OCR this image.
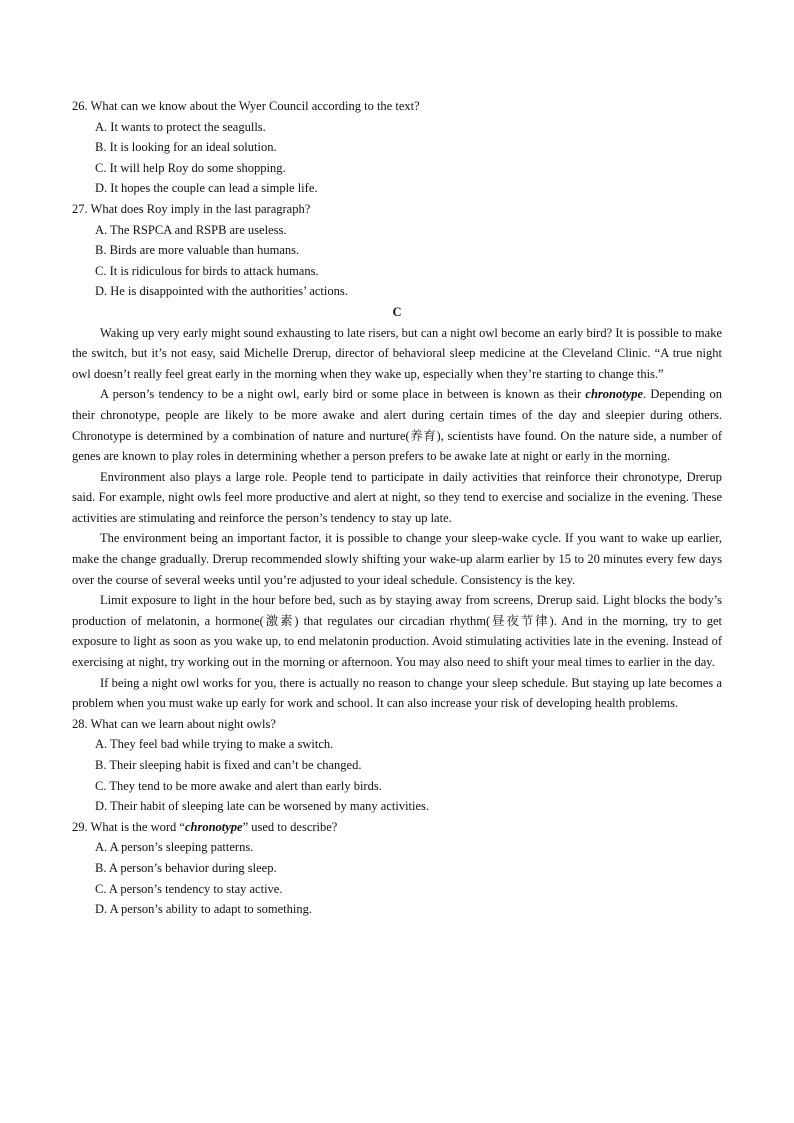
26. What can we know about the Wyer Council according to the text?

A. It wants to protect the seagulls.

B. It is looking for an ideal solution.

C. It will help Roy do some shopping.

D. It hopes the couple can lead a simple life.

27. What does Roy imply in the last paragraph?

A. The RSPCA and RSPB are useless.

B. Birds are more valuable than humans.

C. It is ridiculous for birds to attack humans.

D. He is disappointed with the authorities’ actions.

C

Waking up very early might sound exhausting to late risers, but can a night owl become an early bird? It is possible to make the switch, but it’s not easy, said Michelle Drerup, director of behavioral sleep medicine at the Cleveland Clinic. “A true night owl doesn’t really feel great early in the morning when they wake up, especially when they’re starting to change this.”

A person’s tendency to be a night owl, early bird or some place in between is known as their chronotype. Depending on their chronotype, people are likely to be more awake and alert during certain times of the day and sleepier during others. Chronotype is determined by a combination of nature and nurture(养育), scientists have found. On the nature side, a number of genes are known to play roles in determining whether a person prefers to be awake late at night or early in the morning.

Environment also plays a large role. People tend to participate in daily activities that reinforce their chronotype, Drerup said. For example, night owls feel more productive and alert at night, so they tend to exercise and socialize in the evening. These activities are stimulating and reinforce the person’s tendency to stay up late.

The environment being an important factor, it is possible to change your sleep-wake cycle. If you want to wake up earlier, make the change gradually. Drerup recommended slowly shifting your wake-up alarm earlier by 15 to 20 minutes every few days over the course of several weeks until you’re adjusted to your ideal schedule. Consistency is the key.

Limit exposure to light in the hour before bed, such as by staying away from screens, Drerup said. Light blocks the body’s production of melatonin, a hormone(激素) that regulates our circadian rhythm(昼夜节律). And in the morning, try to get exposure to light as soon as you wake up, to end melatonin production. Avoid stimulating activities late in the evening. Instead of exercising at night, try working out in the morning or afternoon. You may also need to shift your meal times to earlier in the day.

If being a night owl works for you, there is actually no reason to change your sleep schedule. But staying up late becomes a problem when you must wake up early for work and school. It can also increase your risk of developing health problems.

28. What can we learn about night owls?

A. They feel bad while trying to make a switch.

B. Their sleeping habit is fixed and can’t be changed.

C. They tend to be more awake and alert than early birds.

D. Their habit of sleeping late can be worsened by many activities.

29. What is the word “chronotype” used to describe?

A. A person’s sleeping patterns.

B. A person’s behavior during sleep.

C. A person’s tendency to stay active.

D. A person’s ability to adapt to something.
